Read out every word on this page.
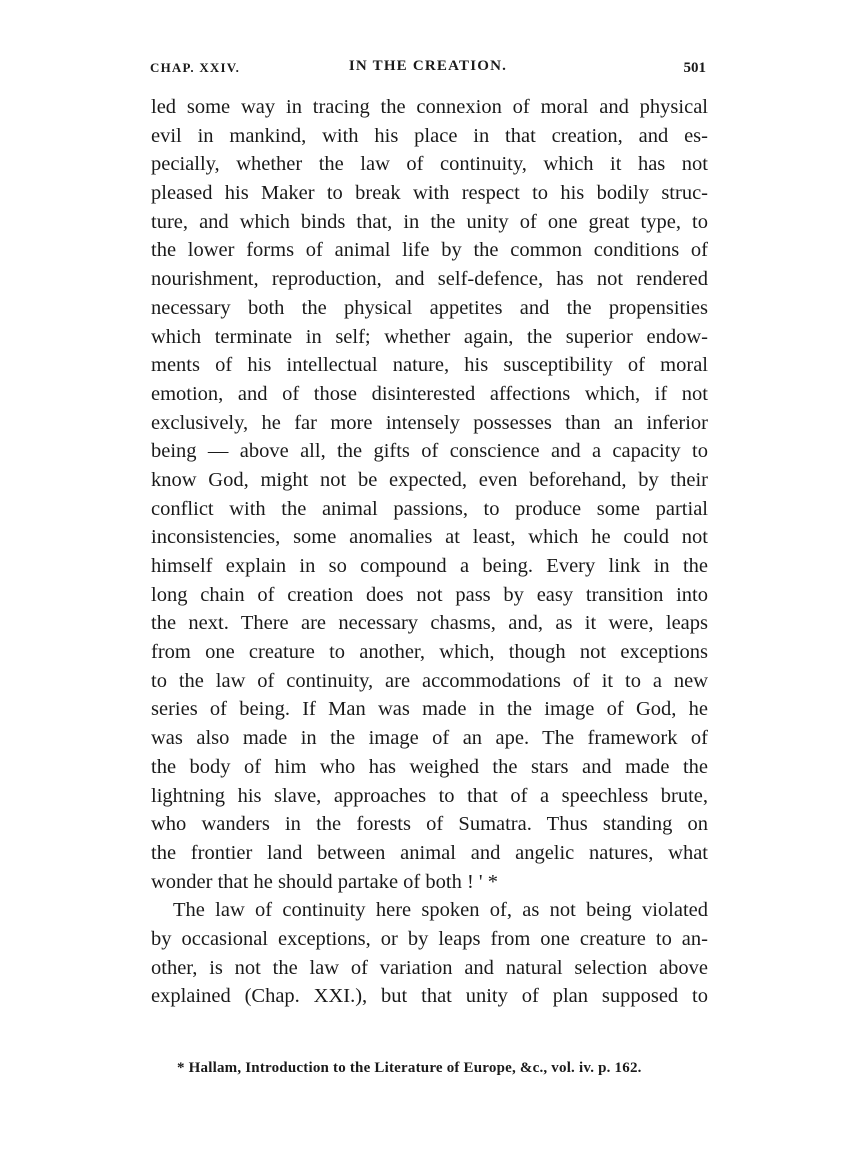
CHAP. XXIV.	IN THE CREATION.	501
led some way in tracing the connexion of moral and physical
evil in mankind, with his place in that creation, and es-
pecially, whether the law of continuity, which it has not
pleased his Maker to break with respect to his bodily struc-
ture, and which binds that, in the unity of one great type, to
the lower forms of animal life by the common conditions of
nourishment, reproduction, and self-defence, has not rendered
necessary both the physical appetites and the propensities
which terminate in self; whether again, the superior endow-
ments of his intellectual nature, his susceptibility of moral
emotion, and of those disinterested affections which, if not
exclusively, he far more intensely possesses than an inferior
being — above all, the gifts of conscience and a capacity to
know God, might not be expected, even beforehand, by their
conflict with the animal passions, to produce some partial
inconsistencies, some anomalies at least, which he could not
himself explain in so compound a being. Every link in the
long chain of creation does not pass by easy transition into
the next. There are necessary chasms, and, as it were, leaps
from one creature to another, which, though not exceptions
to the law of continuity, are accommodations of it to a new
series of being. If Man was made in the image of God, he
was also made in the image of an ape. The framework of
the body of him who has weighed the stars and made the
lightning his slave, approaches to that of a speechless brute,
who wanders in the forests of Sumatra. Thus standing on
the frontier land between animal and angelic natures, what
wonder that he should partake of both ! ' *
The law of continuity here spoken of, as not being violated
by occasional exceptions, or by leaps from one creature to an-
other, is not the law of variation and natural selection above
explained (Chap. XXI.), but that unity of plan supposed to
* Hallam, Introduction to the Literature of Europe, &c., vol. iv. p. 162.
